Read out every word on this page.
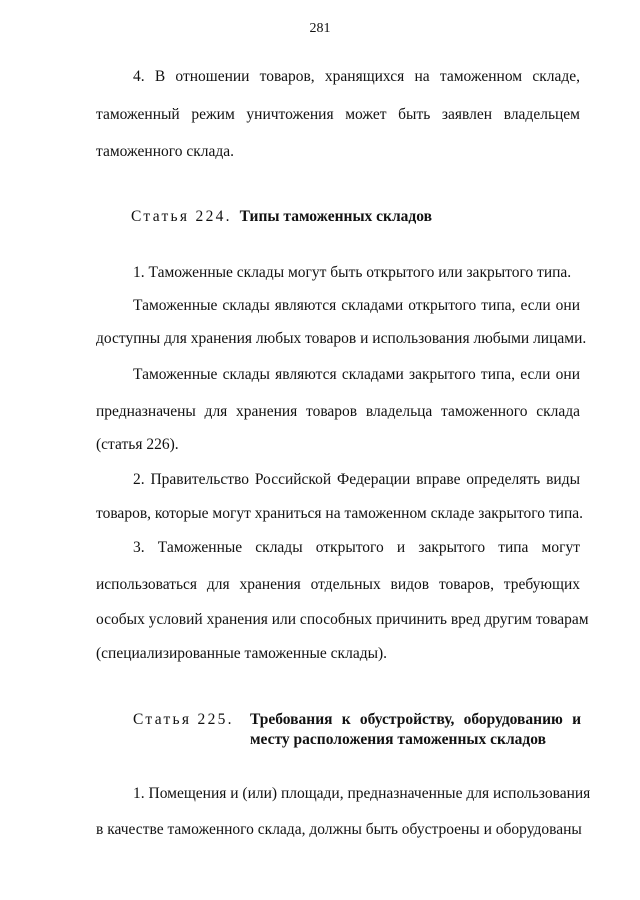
281
4. В отношении товаров, хранящихся на таможенном складе,
таможенный режим уничтожения может быть заявлен владельцем
таможенного склада.
Статья 224. Типы таможенных складов
1. Таможенные склады могут быть открытого или закрытого типа.
Таможенные склады являются складами открытого типа, если они
доступны для хранения любых товаров и использования любыми лицами.
Таможенные склады являются складами закрытого типа, если они
предназначены для хранения товаров владельца таможенного склада
(статья 226).
2. Правительство Российской Федерации вправе определять виды
товаров, которые могут храниться на таможенном складе закрытого типа.
3. Таможенные склады открытого и закрытого типа могут
использоваться для хранения отдельных видов товаров, требующих
особых условий хранения или способных причинить вред другим товарам
(специализированные таможенные склады).
Статья 225. Требования к обустройству, оборудованию и
месту расположения таможенных складов
1. Помещения и (или) площади, предназначенные для использования
в качестве таможенного склада, должны быть обустроены и оборудованы
